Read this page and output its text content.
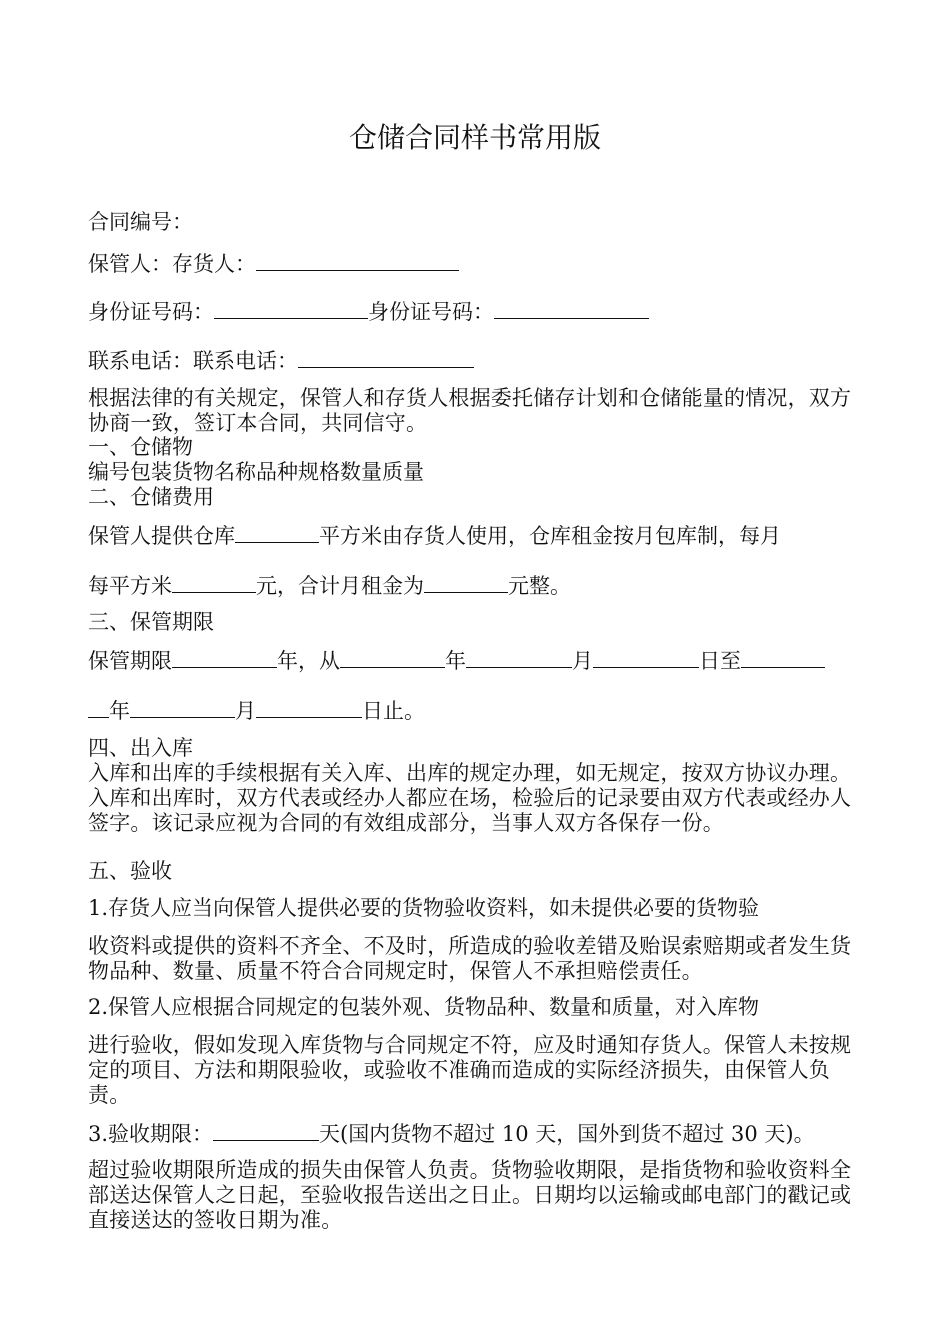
仓储合同样书常用版

合同编号：

保管人：存货人：

身份证号码：	身份证号码：

联系电话：联系电话：

根据法律的有关规定，保管人和存货人根据委托储存计划和仓储能量的情况，双方协商一致，签订本合同，共同信守。

一、仓储物

编号包装货物名称品种规格数量质量

二、仓储费用

保管人提供仓库	平方米由存货人使用，仓库租金按月包库制，每月

每平方米	元，合计月租金为	元整。

三、保管期限

保管期限	年，从	年	月	日至

年	月	日止。

四、出入库

入库和出库的手续根据有关入库、出库的规定办理，如无规定，按双方协议办理。入库和出库时，双方代表或经办人都应在场，检验后的记录要由双方代表或经办人签字。该记录应视为合同的有效组成部分，当事人双方各保存一份。

五、验收

1.存货人应当向保管人提供必要的货物验收资料，如未提供必要的货物验

收资料或提供的资料不齐全、不及时，所造成的验收差错及贻误索赔期或者发生货物品种、数量、质量不符合合同规定时，保管人不承担赔偿责任。

2.保管人应根据合同规定的包装外观、货物品种、数量和质量，对入库物

进行验收，假如发现入库货物与合同规定不符，应及时通知存货人。保管人未按规定的项目、方法和期限验收，或验收不准确而造成的实际经济损失，由保管人负责。

3.验收期限：	天(国内货物不超过 10 天，国外到货不超过 30 天)。

超过验收期限所造成的损失由保管人负责。货物验收期限，是指货物和验收资料全部送达保管人之日起，至验收报告送出之日止。日期均以运输或邮电部门的戳记或直接送达的签收日期为准。
